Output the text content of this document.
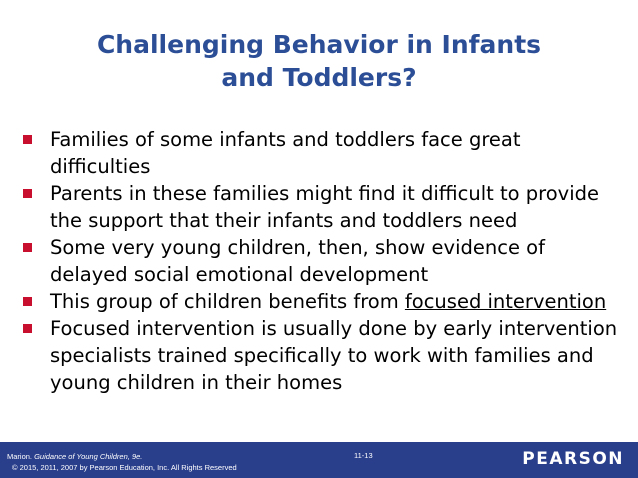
Challenging Behavior in Infants
and Toddlers?
Families of some infants and toddlers face great difficulties
Parents in these families might find it difficult to provide the support that their infants and toddlers need
Some very young children, then, show evidence of delayed social emotional development
This group of children benefits from focused intervention
Focused intervention is usually done by early intervention specialists trained specifically to work with families and young children in their homes
Marion. Guidance of Young Children, 9e.
© 2015, 2011, 2007 by Pearson Education, Inc. All Rights Reserved
11-13	PEARSON
